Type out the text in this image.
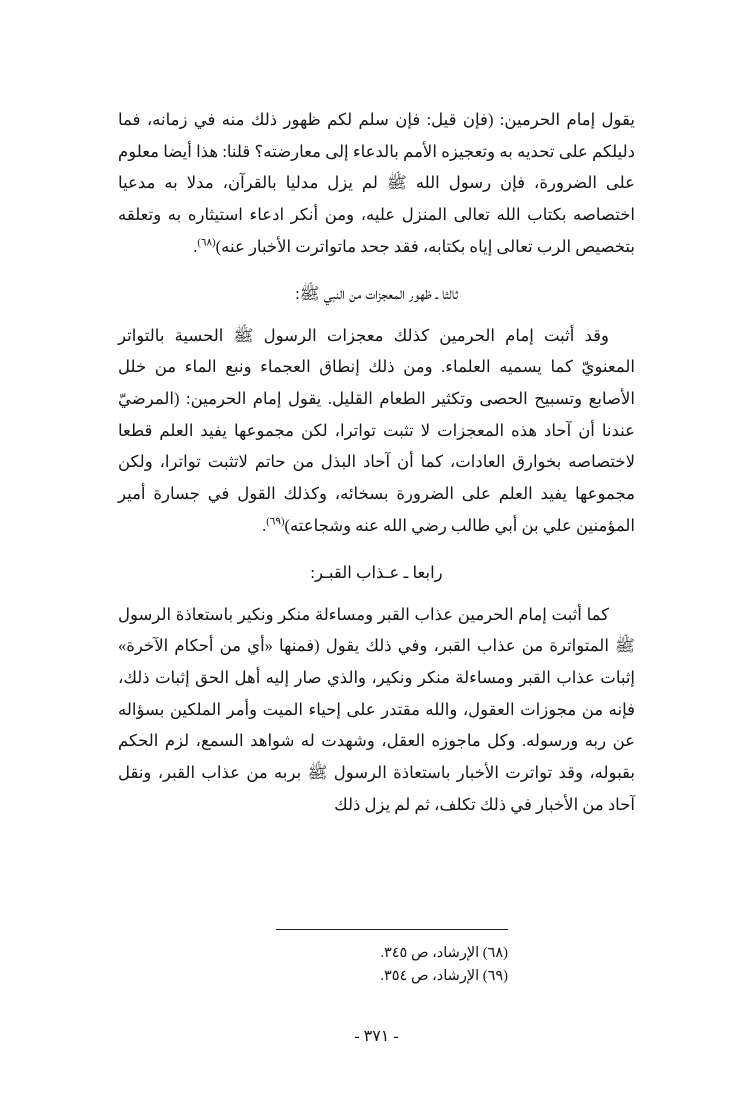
يقول إمام الحرمين: (فإن قيل: فإن سلم لكم ظهور ذلك منه في زمانه، فما دليلكم على تحديه به وتعجيزه الأمم بالدعاء إلى معارضته؟ قلنا: هذا أيضا معلوم على الضرورة، فإن رسول الله ﷺ لم يزل مدليا بالقرآن، مدلا به مدعيا اختصاصه بكتاب الله تعالى المنزل عليه، ومن أنكر ادعاء استيثاره به وتعلقه بتخصيص الرب تعالى إياه بكتابه، فقد جحد ماتواترت الأخبار عنه)$^{(٦٨)}$.

ثالثا ـ ظهور المعجزات من النبي ﷺ:

وقد أثبت إمام الحرمين كذلك معجزات الرسول ﷺ الحسية بالتواتر المعنويّ كما يسميه العلماء. ومن ذلك إنطاق العجماء ونبع الماء من خلل الأصابع وتسبيح الحصى وتكثير الطعام القليل. يقول إمام الحرمين: (المرضيّ عندنا أن آحاد هذه المعجزات لا تثبت تواترا، لكن مجموعها يفيد العلم قطعا لاختصاصه بخوارق العادات، كما أن آحاد البذل من حاتم لاتثبت تواترا، ولكن مجموعها يفيد العلم على الضرورة بسخائه، وكذلك القول في جسارة أمير المؤمنين علي بن أبي طالب رضي الله عنه وشجاعته)$^{(٦٩)}$.

رابعا ـ عـذاب القبـر:

كما أثبت إمام الحرمين عذاب القبر ومساءلة منكر ونكير باستعاذة الرسول ﷺ المتواترة من عذاب القبر، وفي ذلك يقول (فمنها «أي من أحكام الآخرة» إثبات عذاب القبر ومساءلة منكر ونكير، والذي صار إليه أهل الحق إثبات ذلك، فإنه من مجوزات العقول، والله مقتدر على إحياء الميت وأمر الملكين بسؤاله عن ربه ورسوله. وكل ماجوزه العقل، وشهدت له شواهد السمع، لزم الحكم بقبوله، وقد تواترت الأخبار باستعاذة الرسول ﷺ بربه من عذاب القبر، ونقل آحاد من الأخبار في ذلك تكلف، ثم لم يزل ذلك

(٦٨) الإرشاد، ص ٣٤٥.
(٦٩) الإرشاد، ص ٣٥٤.
- ٣٧١ -
